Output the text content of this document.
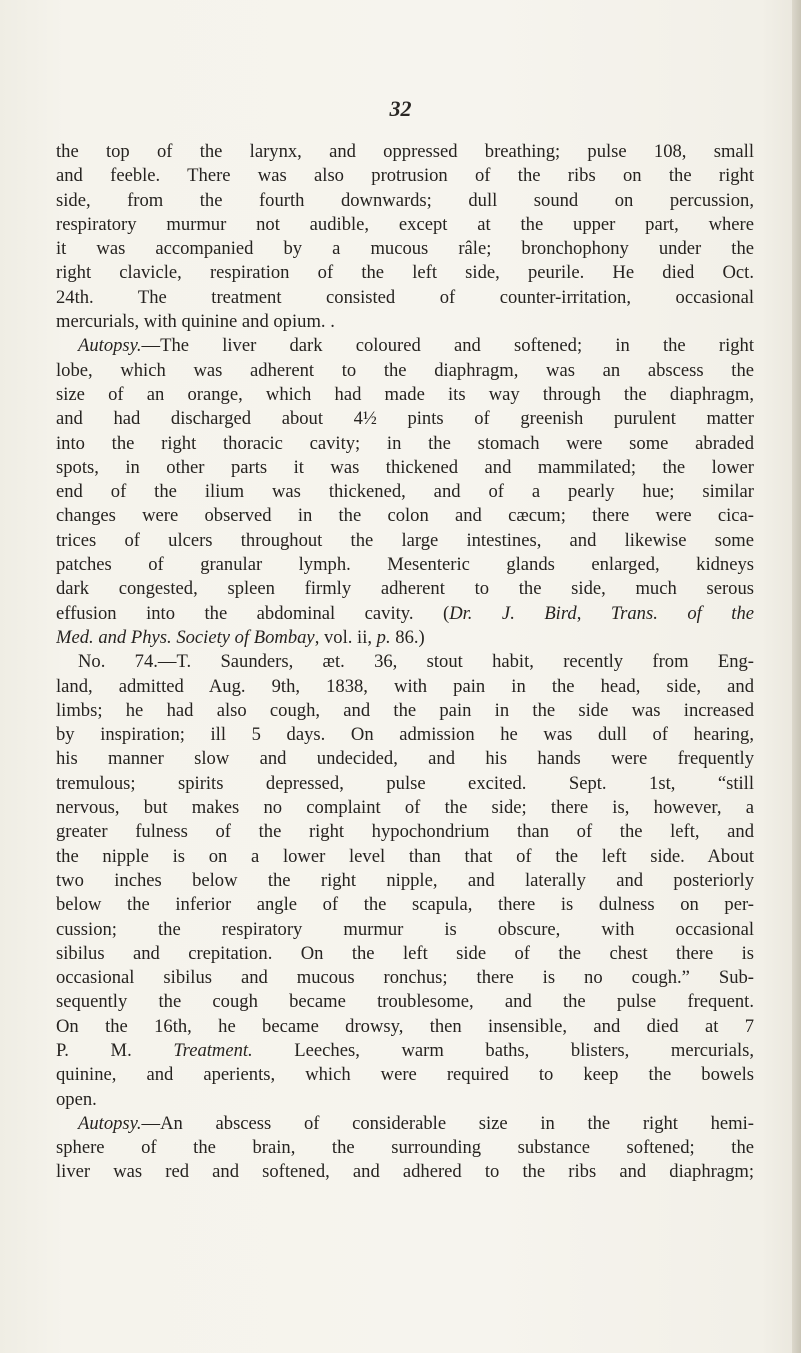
32
the top of the larynx, and oppressed breathing; pulse 108, small
and feeble. There was also protrusion of the ribs on the right
side, from the fourth downwards; dull sound on percussion,
respiratory murmur not audible, except at the upper part, where
it was accompanied by a mucous râle; bronchophony under the
right clavicle, respiration of the left side, peurile. He died Oct.
24th. The treatment consisted of counter-irritation, occasional
mercurials, with quinine and opium. .
Autopsy.—The liver dark coloured and softened; in the right
lobe, which was adherent to the diaphragm, was an abscess the
size of an orange, which had made its way through the diaphragm,
and had discharged about 4½ pints of greenish purulent matter
into the right thoracic cavity; in the stomach were some abraded
spots, in other parts it was thickened and mammilated; the lower
end of the ilium was thickened, and of a pearly hue; similar
changes were observed in the colon and cæcum; there were cica-
trices of ulcers throughout the large intestines, and likewise some
patches of granular lymph. Mesenteric glands enlarged, kidneys
dark congested, spleen firmly adherent to the side, much serous
effusion into the abdominal cavity. (Dr. J. Bird, Trans. of the
Med. and Phys. Society of Bombay, vol. ii, p. 86.)
No. 74.—T. Saunders, æt. 36, stout habit, recently from Eng-
land, admitted Aug. 9th, 1838, with pain in the head, side, and
limbs; he had also cough, and the pain in the side was increased
by inspiration; ill 5 days. On admission he was dull of hearing,
his manner slow and undecided, and his hands were frequently
tremulous; spirits depressed, pulse excited. Sept. 1st, “still
nervous, but makes no complaint of the side; there is, however, a
greater fulness of the right hypochondrium than of the left, and
the nipple is on a lower level than that of the left side. About
two inches below the right nipple, and laterally and posteriorly
below the inferior angle of the scapula, there is dulness on per-
cussion; the respiratory murmur is obscure, with occasional
sibilus and crepitation. On the left side of the chest there is
occasional sibilus and mucous ronchus; there is no cough.” Sub-
sequently the cough became troublesome, and the pulse frequent.
On the 16th, he became drowsy, then insensible, and died at 7
P. M. Treatment. Leeches, warm baths, blisters, mercurials,
quinine, and aperients, which were required to keep the bowels
open.
Autopsy.—An abscess of considerable size in the right hemi-
sphere of the brain, the surrounding substance softened; the
liver was red and softened, and adhered to the ribs and diaphragm;
